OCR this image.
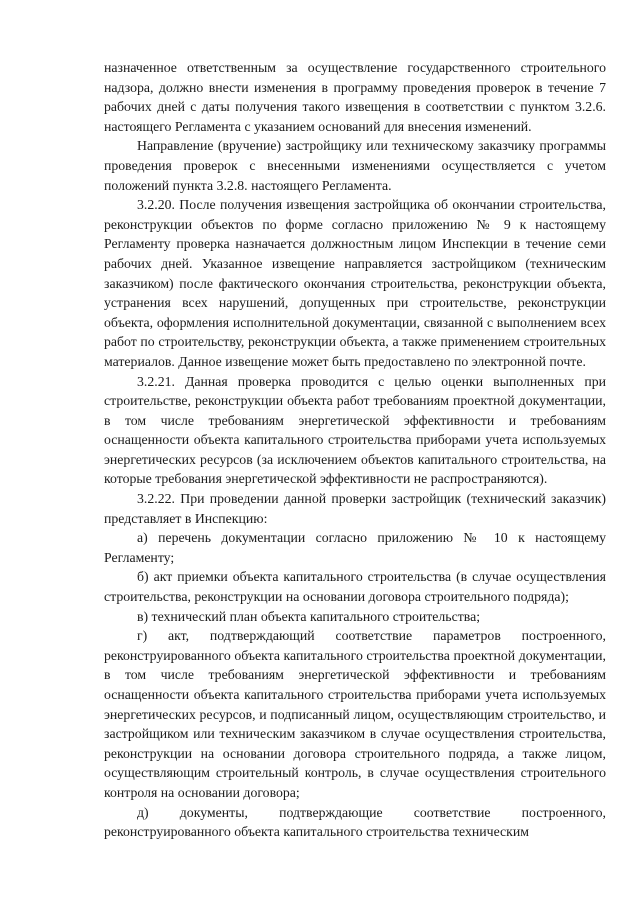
назначенное ответственным за осуществление государственного строительного надзора, должно внести изменения в программу проведения проверок в течение 7 рабочих дней с даты получения такого извещения в соответствии с пунктом 3.2.6. настоящего Регламента с указанием оснований для внесения изменений.

Направление (вручение) застройщику или техническому заказчику программы проведения проверок с внесенными изменениями осуществляется с учетом положений пункта 3.2.8. настоящего Регламента.

3.2.20. После получения извещения застройщика об окончании строительства, реконструкции объектов по форме согласно приложению № 9 к настоящему Регламенту проверка назначается должностным лицом Инспекции в течение семи рабочих дней. Указанное извещение направляется застройщиком (техническим заказчиком) после фактического окончания строительства, реконструкции объекта, устранения всех нарушений, допущенных при строительстве, реконструкции объекта, оформления исполнительной документации, связанной с выполнением всех работ по строительству, реконструкции объекта, а также применением строительных материалов. Данное извещение может быть предоставлено по электронной почте.

3.2.21. Данная проверка проводится с целью оценки выполненных при строительстве, реконструкции объекта работ требованиям проектной документации, в том числе требованиям энергетической эффективности и требованиям оснащенности объекта капитального строительства приборами учета используемых энергетических ресурсов (за исключением объектов капитального строительства, на которые требования энергетической эффективности не распространяются).

3.2.22. При проведении данной проверки застройщик (технический заказчик) представляет в Инспекцию:

а) перечень документации согласно приложению № 10 к настоящему Регламенту;

б) акт приемки объекта капитального строительства (в случае осуществления строительства, реконструкции на основании договора строительного подряда);

в) технический план объекта капитального строительства;

г) акт, подтверждающий соответствие параметров построенного, реконструированного объекта капитального строительства проектной документации, в том числе требованиям энергетической эффективности и требованиям оснащенности объекта капитального строительства приборами учета используемых энергетических ресурсов, и подписанный лицом, осуществляющим строительство, и застройщиком или техническим заказчиком в случае осуществления строительства, реконструкции на основании договора строительного подряда, а также лицом, осуществляющим строительный контроль, в случае осуществления строительного контроля на основании договора;

д) документы, подтверждающие соответствие построенного, реконструированного объекта капитального строительства техническим
